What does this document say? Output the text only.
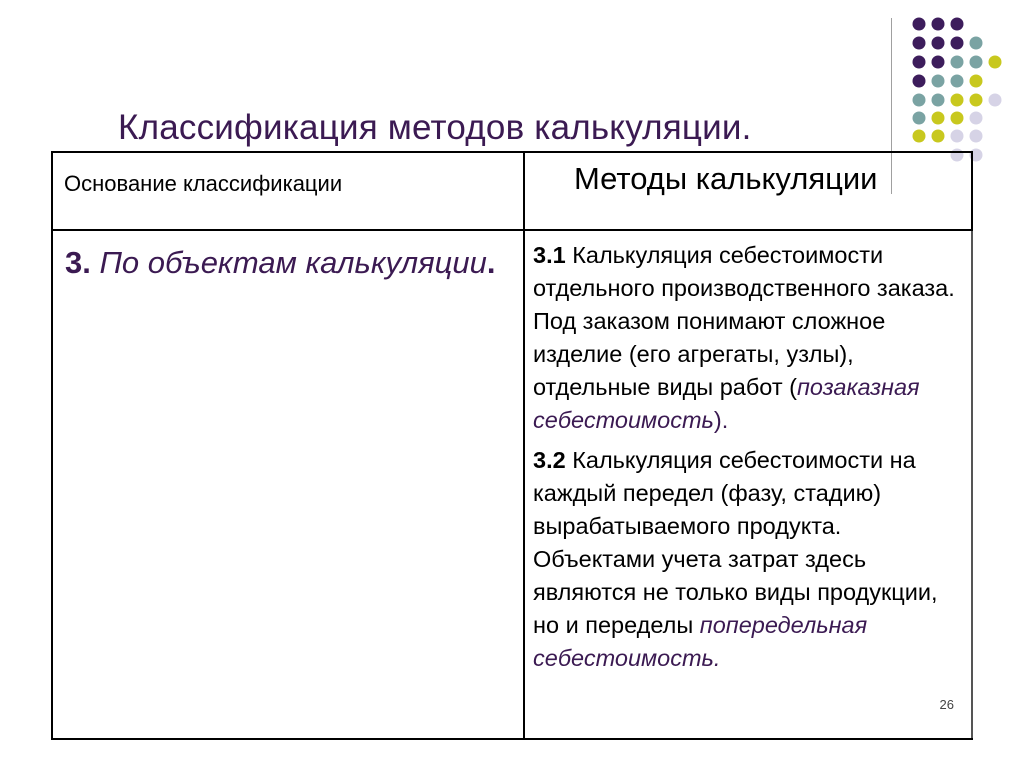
Классификация методов калькуляции.
Основание классификации	Методы калькуляции
3. По объектам калькуляции.	3.1 Калькуляция себестоимости отдельного производственного заказа. Под заказом понимают сложное изделие (его агрегаты, узлы), отдельные виды работ (позаказная себестоимость).

3.2 Калькуляция себестоимости на каждый передел (фазу, стадию) вырабатываемого продукта. Объектами учета затрат здесь являются не только виды продукции, но и переделы попередельная себестоимость.

26
